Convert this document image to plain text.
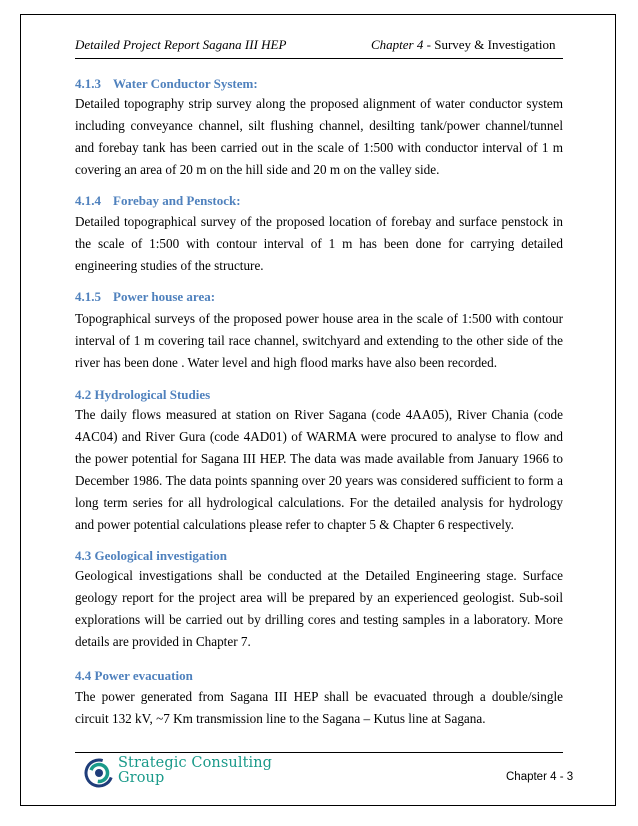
Detailed Project Report Sagana III HEP	Chapter 4 - Survey & Investigation
4.1.3 Water Conductor System:

Detailed topography strip survey along the proposed alignment of water conductor system including conveyance channel, silt flushing channel, desilting tank/power channel/tunnel and forebay tank has been carried out in the scale of 1:500 with conductor interval of 1 m covering an area of 20 m on the hill side and 20 m on the valley side.

4.1.4 Forebay and Penstock:

Detailed topographical survey of the proposed location of forebay and surface penstock in the scale of 1:500 with contour interval of 1 m has been done for carrying detailed engineering studies of the structure.

4.1.5 Power house area:

Topographical surveys of the proposed power house area in the scale of 1:500 with contour interval of 1 m covering tail race channel, switchyard and extending to the other side of the river has been done . Water level and high flood marks have also been recorded.

4.2 Hydrological Studies

The daily flows measured at station on River Sagana (code 4AA05), River Chania (code 4AC04) and River Gura (code 4AD01) of WARMA were procured to analyse to flow and the power potential for Sagana III HEP. The data was made available from January 1966 to December 1986. The data points spanning over 20 years was considered sufficient to form a long term series for all hydrological calculations. For the detailed analysis for hydrology and power potential calculations please refer to chapter 5 & Chapter 6 respectively.

4.3 Geological investigation

Geological investigations shall be conducted at the Detailed Engineering stage. Surface geology report for the project area will be prepared by an experienced geologist. Sub-soil explorations will be carried out by drilling cores and testing samples in a laboratory. More details are provided in Chapter 7.

4.4 Power evacuation

The power generated from Sagana III HEP shall be evacuated through a double/single circuit 132 kV, ~7 Km transmission line to the Sagana – Kutus line at Sagana.

Strategic Consulting
Group	Chapter 4 - 3
